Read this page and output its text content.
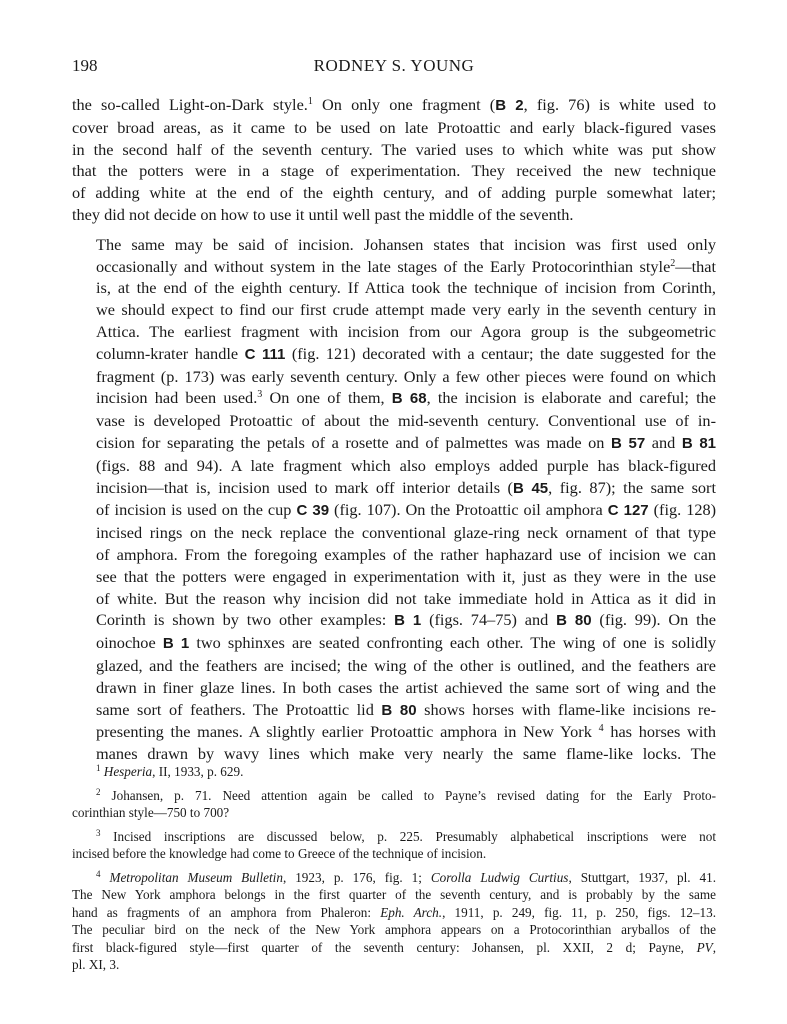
198	RODNEY S. YOUNG

the so-called Light-on-Dark style.$^1$ On only one fragment (B 2, fig. 76) is white used to
cover broad areas, as it came to be used on late Protoattic and early black-figured vases
in the second half of the seventh century. The varied uses to which white was put show
that the potters were in a stage of experimentation. They received the new technique
of adding white at the end of the eighth century, and of adding purple somewhat later;
they did not decide on how to use it until well past the middle of the seventh.

The same may be said of incision. Johansen states that incision was first used only
occasionally and without system in the late stages of the Early Protocorinthian style$^2$—that
is, at the end of the eighth century. If Attica took the technique of incision from Corinth,
we should expect to find our first crude attempt made very early in the seventh century in
Attica. The earliest fragment with incision from our Agora group is the subgeometric
column-krater handle C 111 (fig. 121) decorated with a centaur; the date suggested for the
fragment (p. 173) was early seventh century. Only a few other pieces were found on which
incision had been used.$^3$ On one of them, B 68, the incision is elaborate and careful; the
vase is developed Protoattic of about the mid-seventh century. Conventional use of in-
cision for separating the petals of a rosette and of palmettes was made on B 57 and B 81
(figs. 88 and 94). A late fragment which also employs added purple has black-figured
incision—that is, incision used to mark off interior details (B 45, fig. 87); the same sort
of incision is used on the cup C 39 (fig. 107). On the Protoattic oil amphora C 127 (fig. 128)
incised rings on the neck replace the conventional glaze-ring neck ornament of that type
of amphora. From the foregoing examples of the rather haphazard use of incision we can
see that the potters were engaged in experimentation with it, just as they were in the use
of white. But the reason why incision did not take immediate hold in Attica as it did in
Corinth is shown by two other examples: B 1 (figs. 74–75) and B 80 (fig. 99). On the
oinochoe B 1 two sphinxes are seated confronting each other. The wing of one is solidly
glazed, and the feathers are incised; the wing of the other is outlined, and the feathers are
drawn in finer glaze lines. In both cases the artist achieved the same sort of wing and the
same sort of feathers. The Protoattic lid B 80 shows horses with flame-like incisions re-
presenting the manes. A slightly earlier Protoattic amphora in New York $^4$ has horses with
manes drawn by wavy lines which make very nearly the same flame-like locks. The

$^1$ Hesperia, II, 1933, p. 629.
$^2$ Johansen, p. 71. Need attention again be called to Payne’s revised dating for the Early Proto-
corinthian style—750 to 700?
$^3$ Incised inscriptions are discussed below, p. 225. Presumably alphabetical inscriptions were not
incised before the knowledge had come to Greece of the technique of incision.
$^4$ Metropolitan Museum Bulletin, 1923, p. 176, fig. 1; Corolla Ludwig Curtius, Stuttgart, 1937, pl. 41.
The New York amphora belongs in the first quarter of the seventh century, and is probably by the same
hand as fragments of an amphora from Phaleron: Eph. Arch., 1911, p. 249, fig. 11, p. 250, figs. 12–13.
The peculiar bird on the neck of the New York amphora appears on a Protocorinthian aryballos of the
first black-figured style—first quarter of the seventh century: Johansen, pl. XXII, 2 d; Payne, PV,
pl. XI, 3.
